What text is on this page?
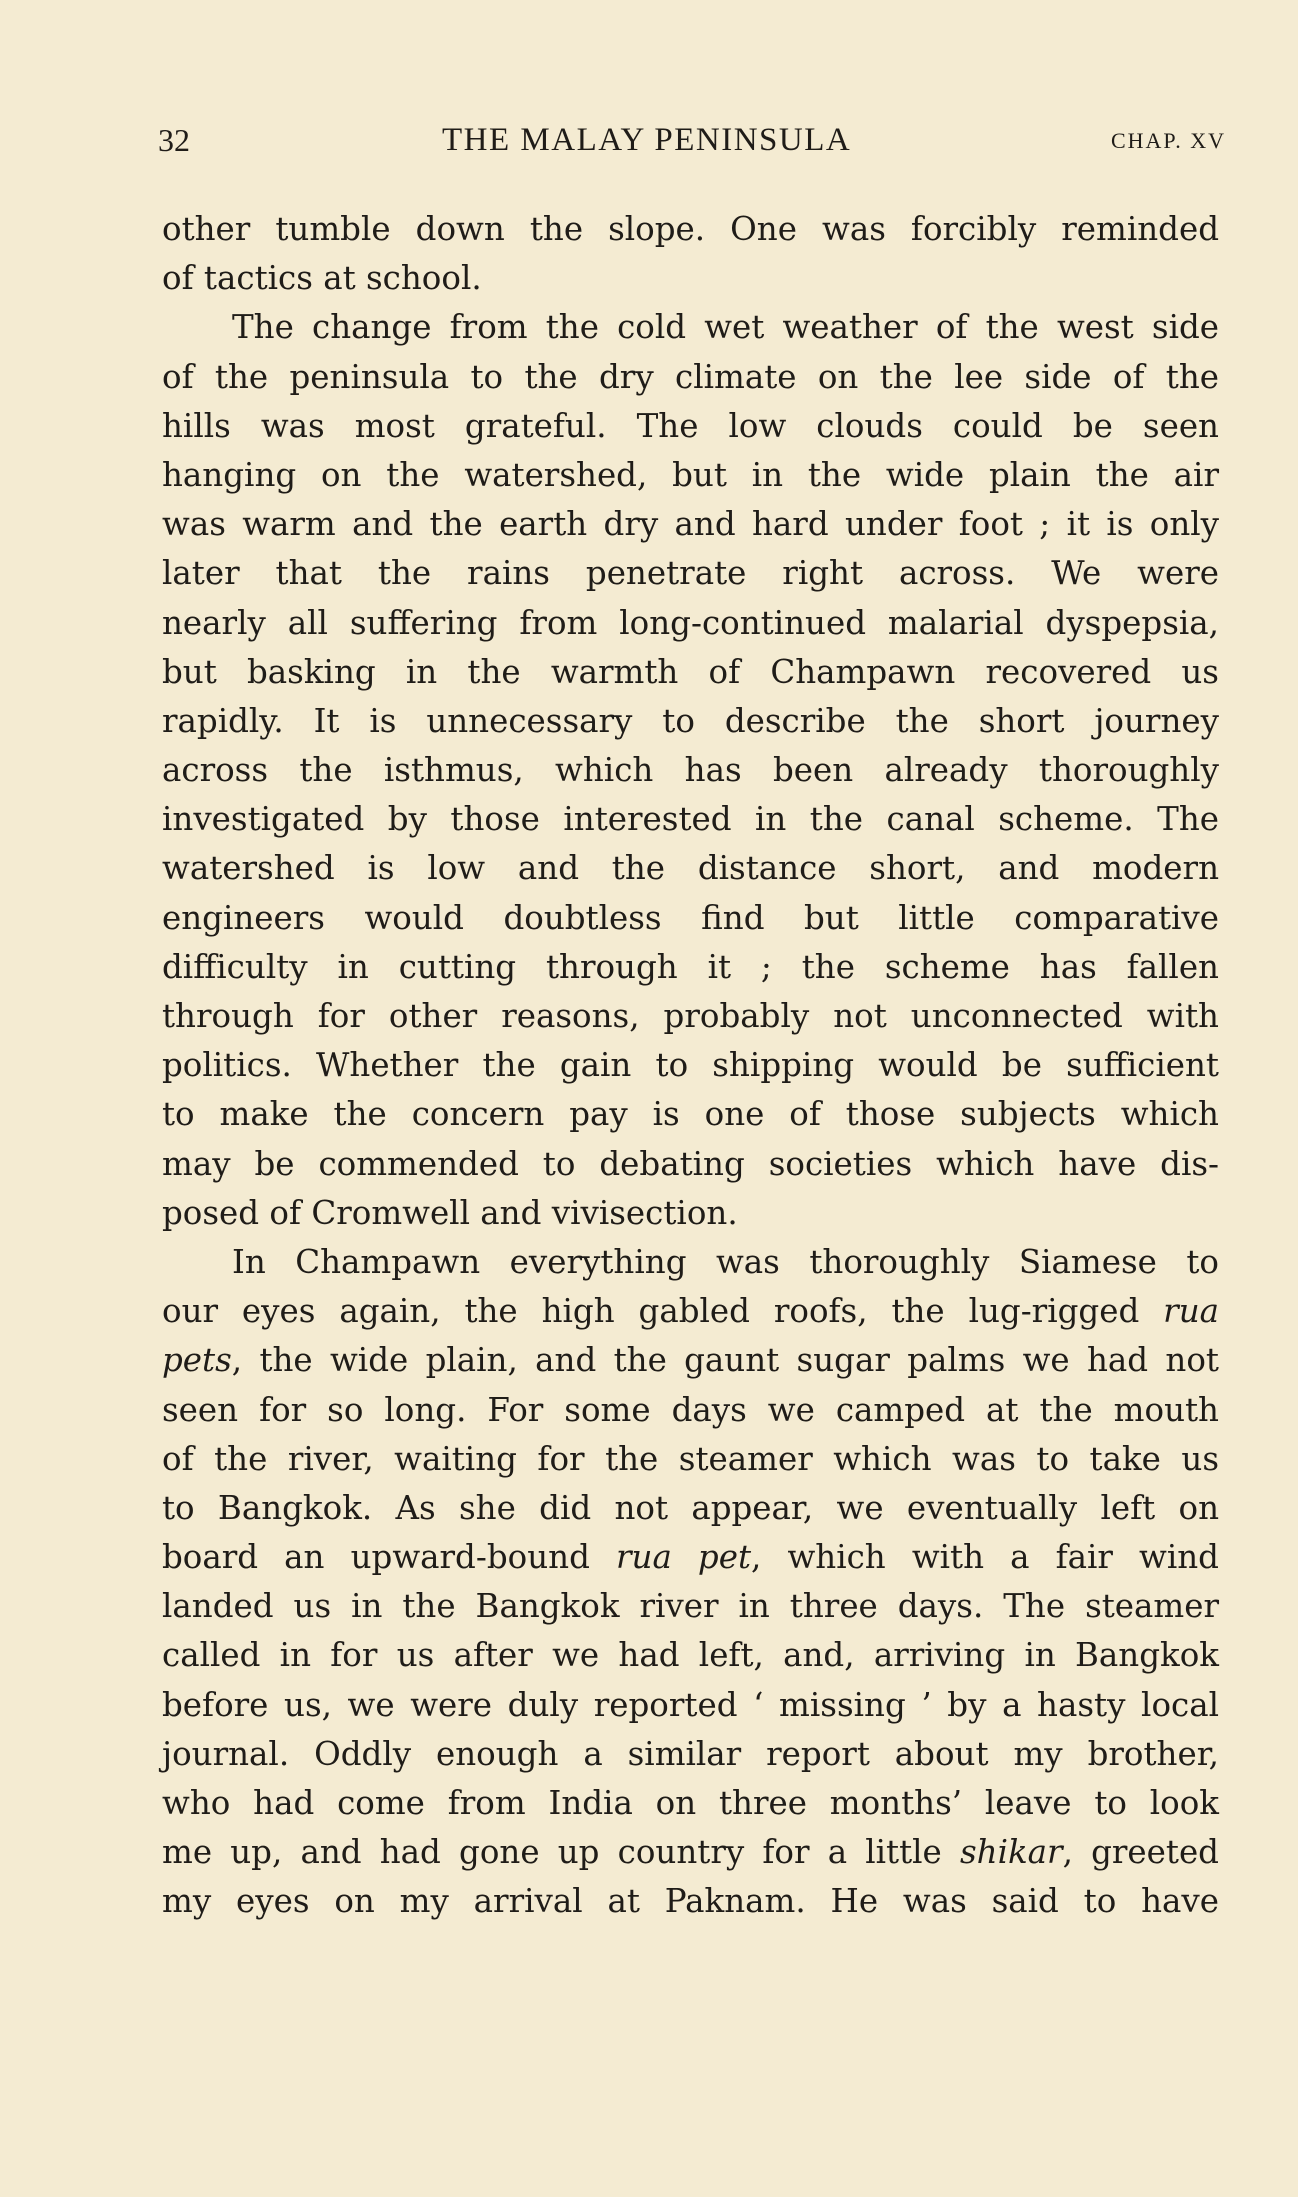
32	THE MALAY PENINSULA	CHAP. XV
other tumble down the slope. One was forcibly reminded
of tactics at school.
The change from the cold wet weather of the west side
of the peninsula to the dry climate on the lee side of the
hills was most grateful. The low clouds could be seen
hanging on the watershed, but in the wide plain the air
was warm and the earth dry and hard under foot ; it is only
later that the rains penetrate right across. We were
nearly all suffering from long-continued malarial dyspepsia,
but basking in the warmth of Champawn recovered us
rapidly. It is unnecessary to describe the short journey
across the isthmus, which has been already thoroughly
investigated by those interested in the canal scheme. The
watershed is low and the distance short, and modern
engineers would doubtless find but little comparative
difficulty in cutting through it ; the scheme has fallen
through for other reasons, probably not unconnected with
politics. Whether the gain to shipping would be sufficient
to make the concern pay is one of those subjects which
may be commended to debating societies which have dis-
posed of Cromwell and vivisection.
In Champawn everything was thoroughly Siamese to
our eyes again, the high gabled roofs, the lug-rigged rua
pets, the wide plain, and the gaunt sugar palms we had not
seen for so long. For some days we camped at the mouth
of the river, waiting for the steamer which was to take us
to Bangkok. As she did not appear, we eventually left on
board an upward-bound rua pet, which with a fair wind
landed us in the Bangkok river in three days. The steamer
called in for us after we had left, and, arriving in Bangkok
before us, we were duly reported ‘ missing ’ by a hasty local
journal. Oddly enough a similar report about my brother,
who had come from India on three months’ leave to look
me up, and had gone up country for a little shikar, greeted
my eyes on my arrival at Paknam. He was said to have
